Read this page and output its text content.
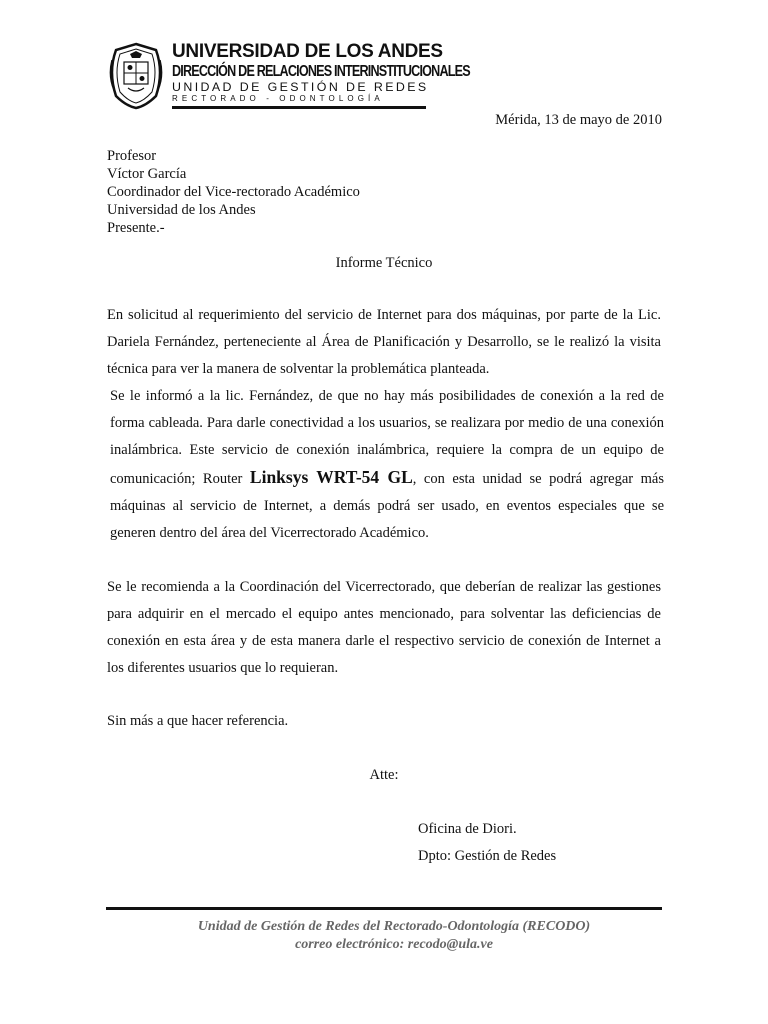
UNIVERSIDAD DE LOS ANDES
DIRECCIÓN DE RELACIONES INTERINSTITUCIONALES
UNIDAD DE GESTIÓN DE REDES
RECTORADO - ODONTOLOGÍA
Mérida, 13 de mayo de 2010
Profesor
Víctor García
Coordinador del Vice-rectorado Académico
Universidad de los Andes
Presente.-
Informe Técnico
En solicitud al requerimiento del servicio de Internet para dos máquinas, por parte de la Lic. Dariela Fernández, perteneciente al Área de Planificación y Desarrollo, se le realizó la visita técnica para ver la manera de solventar la problemática planteada.
Se le informó a la lic. Fernández, de que no hay más posibilidades de conexión a la red de forma cableada. Para darle conectividad a los usuarios, se realizara por medio de una conexión inalámbrica. Este servicio de conexión inalámbrica, requiere la compra de un equipo de comunicación; Router Linksys WRT-54 GL, con esta unidad se podrá agregar más máquinas al servicio de Internet, a demás podrá ser usado, en eventos especiales que se generen dentro del área del Vicerrectorado Académico.
Se le recomienda a la Coordinación del Vicerrectorado, que deberían de realizar las gestiones para adquirir en el mercado el equipo antes mencionado, para solventar las deficiencias de conexión en esta área y de esta manera darle el respectivo servicio de conexión de Internet a los diferentes usuarios que lo requieran.
Sin más a que hacer referencia.
Atte:
Oficina de Diori.
Dpto: Gestión de Redes
Unidad de Gestión de Redes del Rectorado-Odontología (RECODO)
correo electrónico: recodo@ula.ve
